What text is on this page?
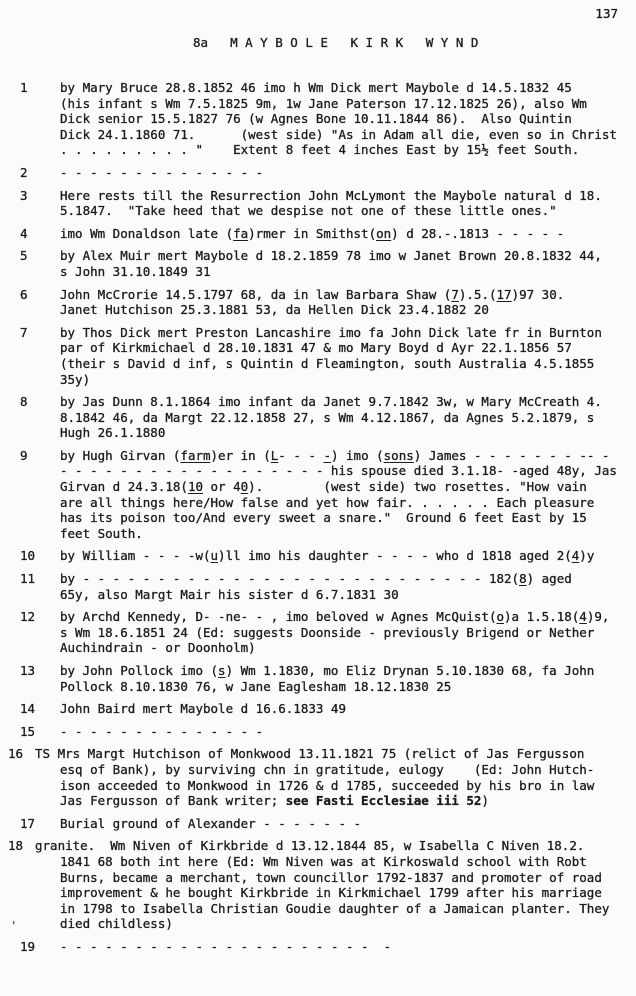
137
8a M A Y B O L E   K I R K   W Y N D
1	by Mary Bruce 28.8.1852 46 imo h Wm Dick mert Maybole d 14.5.1832 45
(his infant s Wm 7.5.1825 9m, 1w Jane Paterson 17.12.1825 26), also Wm
Dick senior 15.5.1827 76 (w Agnes Bone 10.11.1844 86).  Also Quintin
Dick 24.1.1860 71.      (west side) "As in Adam all die, even so in Christ
. . . . . . . . . "    Extent 8 feet 4 inches East by 15½ feet South.
2	- - - - - - - - - - - - - -
3	Here rests till the Resurrection John McLymont the Maybole natural d 18.
5.1847.  "Take heed that we despise not one of these little ones."
4	imo Wm Donaldson late (fa)rmer in Smithst(on) d 28.-.1813 - - - - -
5	by Alex Muir mert Maybole d 18.2.1859 78 imo w Janet Brown 20.8.1832 44,
s John 31.10.1849 31
6	John McCrorie 14.5.1797 68, da in law Barbara Shaw (7).5.(17)97 30.
Janet Hutchison 25.3.1881 53, da Hellen Dick 23.4.1882 20
7	by Thos Dick mert Preston Lancashire imo fa John Dick late fr in Burnton
par of Kirkmichael d 28.10.1831 47 & mo Mary Boyd d Ayr 22.1.1856 57
(their s David d inf, s Quintin d Fleamington, south Australia 4.5.1855
35y)
8	by Jas Dunn 8.1.1864 imo infant da Janet 9.7.1842 3w, w Mary McCreath 4.
8.1842 46, da Margt 22.12.1858 27, s Wm 4.12.1867, da Agnes 5.2.1879, s
Hugh 26.1.1880
9	by Hugh Girvan (farm)er in (L- - - -) imo (sons) James - - - - - - - -- -
- - - - - - - - - - - - - - - - - - his spouse died 3.1.18- -aged 48y, Jas
Girvan d 24.3.18(10 or 40).        (west side) two rosettes. "How vain
are all things here/How false and yet how fair. . . . . . Each pleasure
has its poison too/And every sweet a snare."  Ground 6 feet East by 15
feet South.
10 by William - - - -w(u)ll imo his daughter - - - - who d 1818 aged 2(4)y
11 by - - - - - - - - - - - - - - - - - - - - - - - - - - - 182(8) aged
65y, also Margt Mair his sister d 6.7.1831 30
12 by Archd Kennedy, D- -ne- - , imo beloved w Agnes McQuist(o)a 1.5.18(4)9,
s Wm 18.6.1851 24 (Ed: suggests Doonside - previously Brigend or Nether
Auchindrain - or Doonholm)
13 by John Pollock imo (s) Wm 1.1830, mo Eliz Drynan 5.10.1830 68, fa John
Pollock 8.10.1830 76, w Jane Eaglesham 18.12.1830 25
14 John Baird mert Maybole d 16.6.1833 49
15 - - - - - - - - - - - - - -
16 TS Mrs Margt Hutchison of Monkwood 13.11.1821 75 (relict of Jas Fergusson
esq of Bank), by surviving chn in gratitude, eulogy    (Ed: John Hutch-
ison acceeded to Monkwood in 1726 & d 1785, succeeded by his bro in law
Jas Fergusson of Bank writer; see Fasti Ecclesiae iii 52)
17 Burial ground of Alexander - - - - - - -
18 granite.  Wm Niven of Kirkbride d 13.12.1844 85, w Isabella C Niven 18.2.
1841 68 both int here (Ed: Wm Niven was at Kirkoswald school with Robt
Burns, became a merchant, town councillor 1792-1837 and promoter of road
improvement & he bought Kirkbride in Kirkmichael 1799 after his marriage
in 1798 to Isabella Christian Goudie daughter of a Jamaican planter. They
died childless)
19 - - - - - - - - - - - - - - - - - - - - -  -
'
